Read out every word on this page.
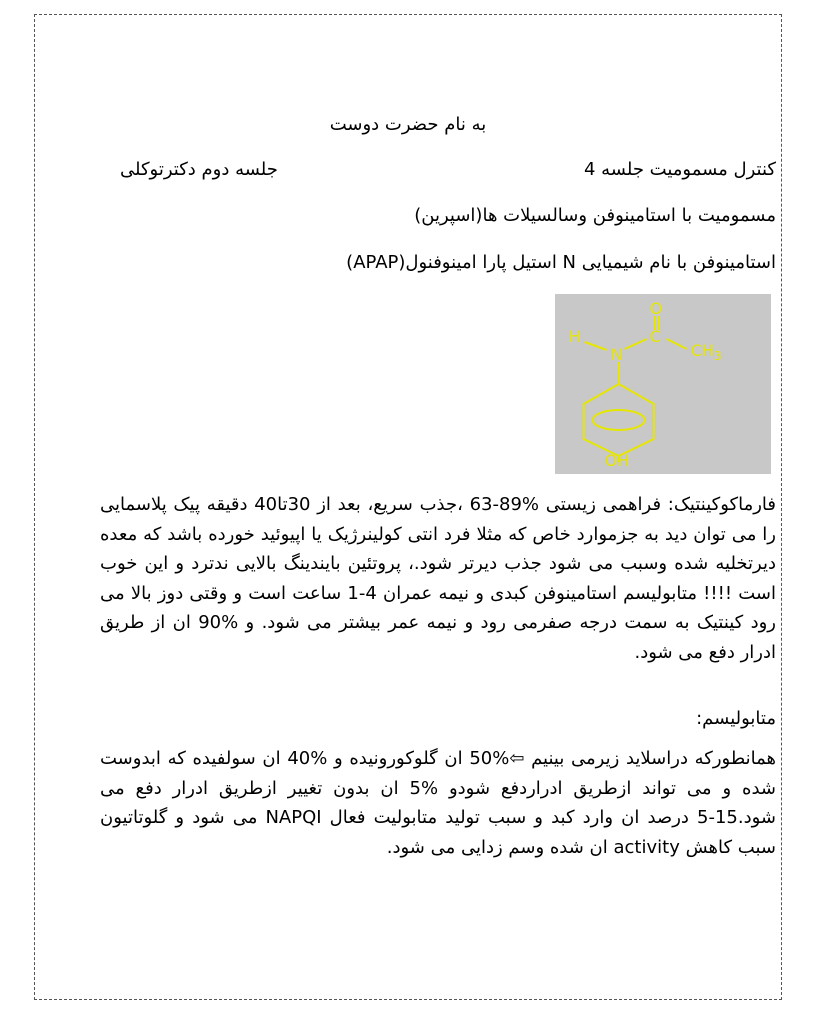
به نام حضرت دوست
کنترل مسمومیت جلسه 4
جلسه دوم دکترتوکلی
مسمومیت با استامینوفن وسالسیلات ها(اسپرین)
استامینوفن با نام شیمیایی N استیل پارا امینوفنول(APAP)
O
H	C
N	$CH_3$
OH
فارماکوکینتیک: فراهمی زیستی %89-63 ،جذب سریع، بعد از 30تا40 دقیقه پیک پلاسمایی را می توان دید به جزموارد خاص که مثلا فرد انتی کولینرژیک یا اپیوئید خورده باشد که معده دیرتخلیه شده وسبب می شود جذب دیرتر شود.، پروتئین بایندینگ بالایی ندترد و این خوب است !!!! متابولیسم استامینوفن کبدی و نیمه عمران 4-1 ساعت است و وقتی دوز بالا می رود کینتیک به سمت درجه صفرمی رود و نیمه عمر بیشتر می شود. و %90 ان از طریق ادرار دفع می شود.
متابولیسم:
همانطورکه دراسلاید زیرمی بینیم ⇦%50 ان گلوکورونیده و %40 ان سولفیده که ابدوست شده و می تواند ازطریق ادراردفع شودو %5 ان بدون تغییر ازطریق ادرار دفع می شود.15-5 درصد ان وارد کبد و سبب تولید متابولیت فعال NAPQI می شود و گلوتاتیون سبب کاهش activity ان شده وسم زدایی می شود.
